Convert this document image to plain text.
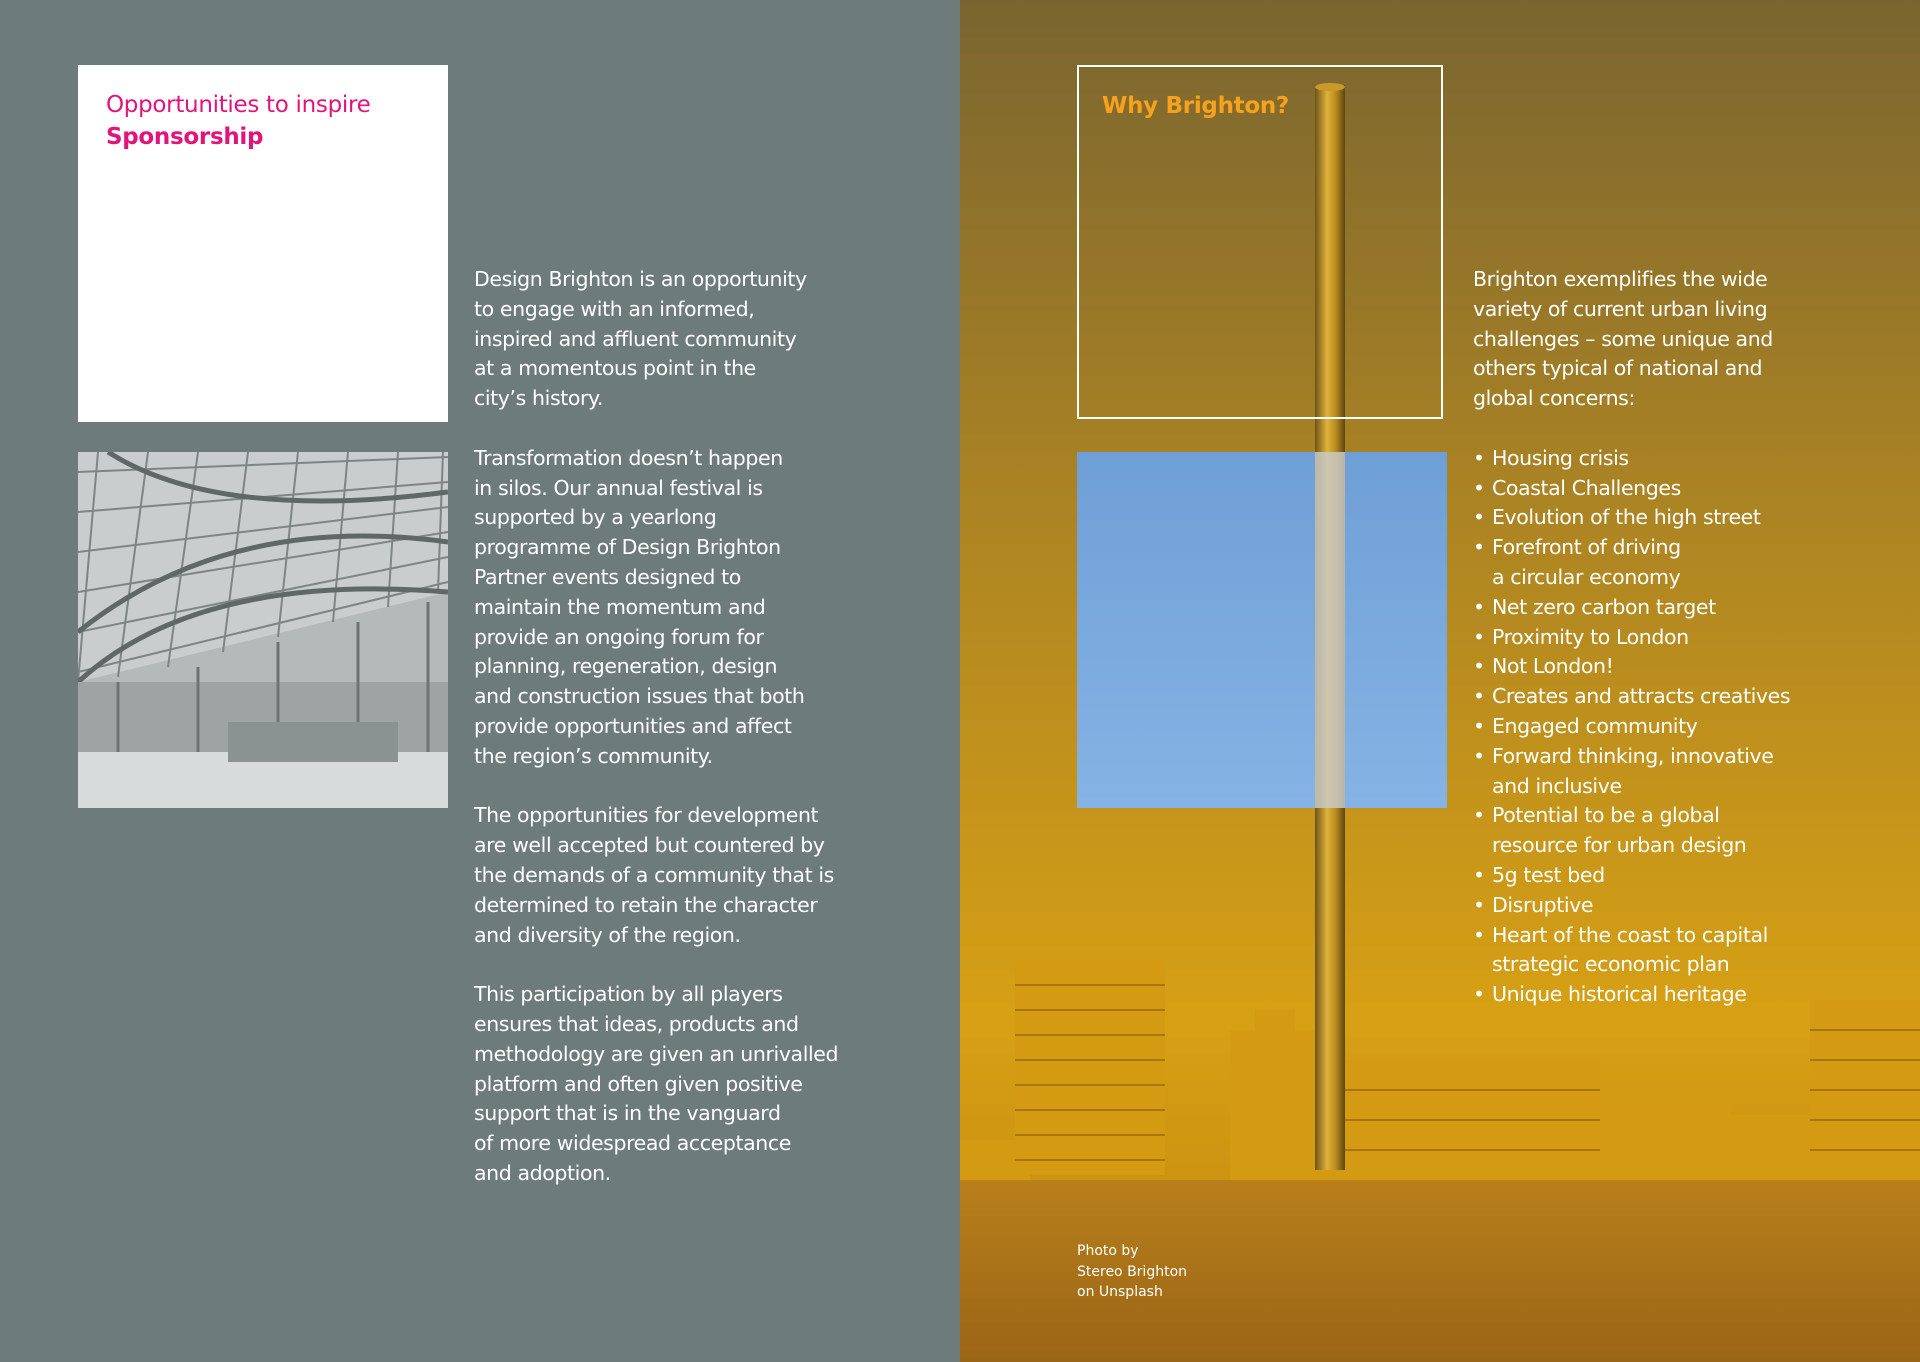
Opportunities to inspire
Sponsorship

Design Brighton is an opportunity
to engage with an informed,
inspired and affluent community
at a momentous point in the
city’s history.

Transformation doesn’t happen
in silos. Our annual festival is
supported by a yearlong
programme of Design Brighton
Partner events designed to
maintain the momentum and
provide an ongoing forum for
planning, regeneration, design
and construction issues that both
provide opportunities and affect
the region’s community.

The opportunities for development
are well accepted but countered by
the demands of a community that is
determined to retain the character
and diversity of the region.

This participation by all players
ensures that ideas, products and
methodology are given an unrivalled
platform and often given positive
support that is in the vanguard
of more widespread acceptance
and adoption.

Why Brighton?

Brighton exemplifies the wide
variety of current urban living
challenges – some unique and
others typical of national and
global concerns:

• Housing crisis
• Coastal Challenges
• Evolution of the high street
• Forefront of driving
a circular economy
• Net zero carbon target
• Proximity to London
• Not London!
• Creates and attracts creatives
• Engaged community
• Forward thinking, innovative
and inclusive
• Potential to be a global
resource for urban design
• 5g test bed
• Disruptive
• Heart of the coast to capital
strategic economic plan
• Unique historical heritage
Photo by
Stereo Brighton
on Unsplash
